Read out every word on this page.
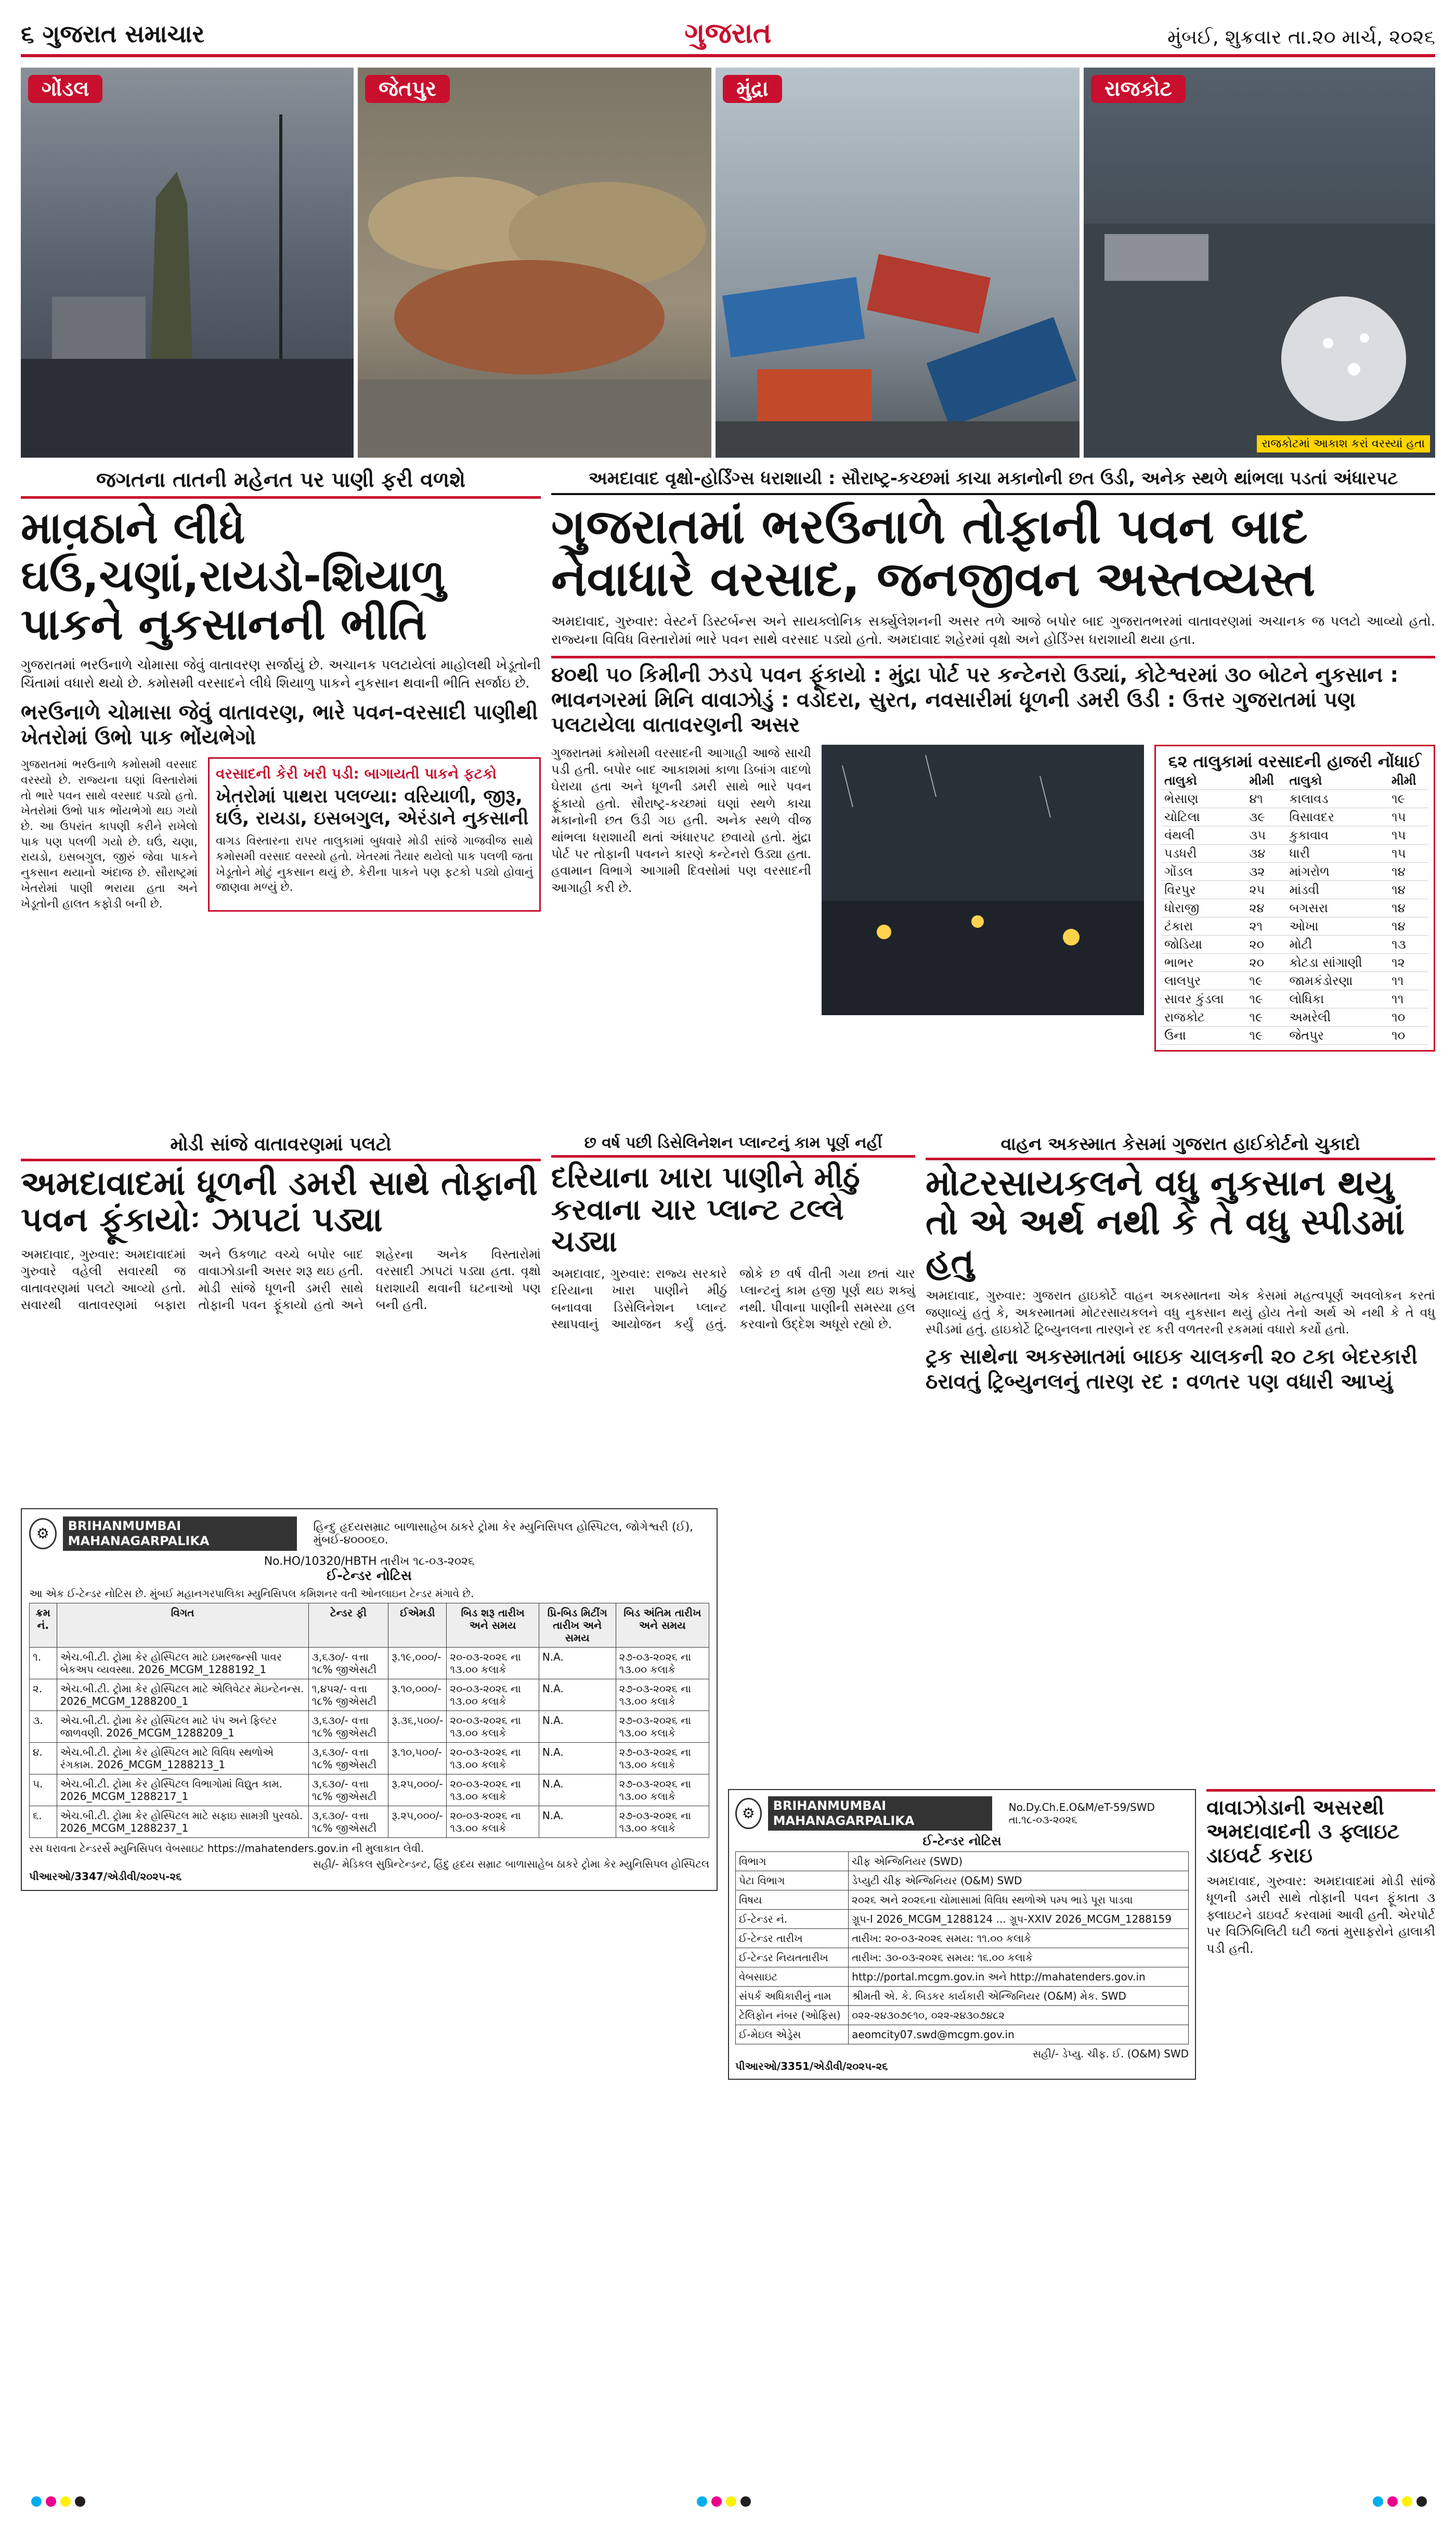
૬ ગુજરાત સમાચાર	ગુજરાત	મુંબઈ, શુક્રવાર તા.૨૦ માર્ચ, ૨૦૨૬
ગોંડલ	જેતપુર	મુંદ્રા	રાજકોટ
રાજકોટમાં આકાશ કરાં વરસ્યાં હતા
જગતના તાતની મહેનત પર પાણી ફરી વળશે
માવઠાને લીધે ઘઉં,ચણાં,રાયડો-શિયાળુ પાકને નુકસાનની ભીતિ
ગુજરાતમાં ભરઉનાળે ચોમાસા જેવું વાતાવરણ સર્જાયું છે. અચાનક પલટાયેલાં માહોલથી ખેડૂતોની ચિંતામાં વધારો થયો છે. કમોસમી વરસાદને લીધે શિયાળુ પાકને નુકસાન થવાની ભીતિ સર્જાઇ છે.
ભરઉનાળે ચોમાસા જેવું વાતાવરણ, ભારે પવન-વરસાદી પાણીથી ખેતરોમાં ઉભો પાક ભોંયભેગો
ગુજરાતમાં ભરઉનાળે કમોસમી વરસાદ વરસ્યો છે. રાજ્યના ઘણાં વિસ્તારોમાં તો ભારે પવન સાથે વરસાદ પડ્યો હતો. ખેતરોમાં ઉભો પાક ભોંયભેગો થઇ ગયો છે. આ ઉપરાંત કાપણી કરીને રાખેલો પાક પણ પલળી ગયો છે. ઘઉં, ચણા, રાયડો, ઇસબગુલ, જીરું જેવા પાકને નુકસાન થયાનો અંદાજ છે. સૌરાષ્ટ્રમાં ખેતરોમાં પાણી ભરાયા હતા અને ખેડૂતોની હાલત કફોડી બની છે.
વરસાદની કેરી ખરી પડી: બાગાયતી પાકને ફટકો
ખેતરોમાં પાથરા પલળ્યા: વરિયાળી, જીરૂ, ઘઉં, રાયડા, ઇસબગુલ, એરંડાને નુકસાની
વાગડ વિસ્તારના રાપર તાલુકામાં બુધવારે મોડી સાંજે ગાજવીજ સાથે કમોસમી વરસાદ વરસ્યો હતો. ખેતરમાં તૈયાર થયેલો પાક પલળી જતા ખેડૂતોને મોટું નુકસાન થયું છે. કેરીના પાકને પણ ફટકો પડ્યો હોવાનું જાણવા મળ્યું છે.
અમદાવાદ વૃક્ષો-હોર્ડિંગ્સ ધરાશાયી : સૌરાષ્ટ્ર-કચ્છમાં કાચા મકાનોની છત ઉડી, અનેક સ્થળે થાંભલા પડતાં અંધારપટ
ગુજરાતમાં ભરઉનાળે તોફાની પવન બાદ નેવાધારે વરસાદ, જનજીવન અસ્તવ્યસ્ત
અમદાવાદ, ગુરુવાર: વેસ્ટર્ન ડિસ્ટર્બન્સ અને સાયક્લોનિક સર્ક્યુલેશનની અસર તળે આજે બપોર બાદ ગુજરાતભરમાં વાતાવરણમાં અચાનક જ પલટો આવ્યો હતો. રાજ્યના વિવિધ વિસ્તારોમાં ભારે પવન સાથે વરસાદ પડ્યો હતો. અમદાવાદ શહેરમાં વૃક્ષો અને હોર્ડિંગ્સ ધરાશાયી થયા હતા.
૪૦થી ૫૦ કિમીની ઝડપે પવન ફૂંકાયો : મુંદ્રા પોર્ટ પર કન્ટેનરો ઉડ્યાં, કોટેશ્વરમાં ૩૦ બોટને નુકસાન : ભાવનગરમાં મિનિ વાવાઝોડું : વડોદરા, સુરત, નવસારીમાં ધૂળની ડમરી ઉડી : ઉત્તર ગુજરાતમાં પણ પલટાયેલા વાતાવરણની અસર
ગુજરાતમાં કમોસમી વરસાદની આગાહી આજે સાચી પડી હતી. બપોર બાદ આકાશમાં કાળા ડિબાંગ વાદળો ઘેરાયા હતા અને ધૂળની ડમરી સાથે ભારે પવન ફૂંકાયો હતો. સૌરાષ્ટ્ર-કચ્છમાં ઘણાં સ્થળે કાચા મકાનોની છત ઉડી ગઇ હતી. અનેક સ્થળે વીજ થાંભલા ધરાશાયી થતાં અંધારપટ છવાયો હતો. મુંદ્રા પોર્ટ પર તોફાની પવનને કારણે કન્ટેનરો ઉડ્યા હતા. હવામાન વિભાગે આગામી દિવસોમાં પણ વરસાદની આગાહી કરી છે.
૬૨ તાલુકામાં વરસાદની હાજરી નોંધાઈ
તાલુકો	મીમી	તાલુકો	મીમી
ભેસાણ	૪૧	કાલાવડ	૧૯
ચોટિલા	૩૯	વિસાવદર	૧૫
વંથલી	૩૫	કુકાવાવ	૧૫
પડધરી	૩૪	ધારી	૧૫
ગોંડલ	૩૨	માંગરોળ	૧૪
વિરપુર	૨૫	માંડવી	૧૪
ધોરાજી	૨૪	બગસરા	૧૪
ટંકારા	૨૧	ઓખા	૧૪
જોડિયા	૨૦	મોટી	૧૩
ભાભર	૨૦	કોટડા સાંગાણી	૧૨
લાલપુર	૧૯	જામકંડોરણા	૧૧
સાવર કુંડલા	૧૯	લોધિકા	૧૧
રાજકોટ	૧૯	અમરેલી	૧૦
ઉના	૧૯	જેતપુર	૧૦
મોડી સાંજે વાતાવરણમાં પલટો
અમદાવાદમાં ધૂળની ડમરી સાથે તોફાની પવન ફૂંકાયોઃ ઝાપટાં પડ્યા
અમદાવાદ, ગુરુવાર: અમદાવાદમાં ગુરુવારે વહેલી સવારથી જ વાતાવરણમાં પલટો આવ્યો હતો. સવારથી વાતાવરણમાં બફારા અને ઉકળાટ વચ્ચે બપોર બાદ વાવાઝોડાની અસર શરૂ થઇ હતી. મોડી સાંજે ધૂળની ડમરી સાથે તોફાની પવન ફૂંકાયો હતો અને શહેરના અનેક વિસ્તારોમાં વરસાદી ઝાપટાં પડ્યા હતા. વૃક્ષો ધરાશાયી થવાની ઘટનાઓ પણ બની હતી.
છ વર્ષ પછી ડિસેલિનેશન પ્લાન્ટનું કામ પૂર્ણ નહીં
દરિયાના ખારા પાણીને મીઠું કરવાના ચાર પ્લાન્ટ ટલ્લે ચડ્યા
અમદાવાદ, ગુરુવાર: રાજ્ય સરકારે દરિયાના ખારા પાણીને મીઠું બનાવવા ડિસેલિનેશન પ્લાન્ટ સ્થાપવાનું આયોજન કર્યું હતું. જોકે છ વર્ષ વીતી ગયા છતાં ચાર પ્લાન્ટનું કામ હજી પૂર્ણ થઇ શક્યું નથી. પીવાના પાણીની સમસ્યા હલ કરવાનો ઉદ્દેશ અધૂરો રહ્યો છે.
વાહન અકસ્માત કેસમાં ગુજરાત હાઈકોર્ટનો ચુકાદો
મોટરસાયકલને વધુ નુકસાન થયુ તો એ અર્થ નથી કે તે વધુ સ્પીડમાં હતુ
અમદાવાદ, ગુરુવાર: ગુજરાત હાઇકોર્ટે વાહન અકસ્માતના એક કેસમાં મહત્વપૂર્ણ અવલોકન કરતાં જણાવ્યું હતું કે, અકસ્માતમાં મોટરસાયકલને વધુ નુકસાન થયું હોય તેનો અર્થ એ નથી કે તે વધુ સ્પીડમાં હતું. હાઇકોર્ટે ટ્રિબ્યુનલના તારણને રદ કરી વળતરની રકમમાં વધારો કર્યો હતો.
ટ્રક સાથેના અકસ્માતમાં બાઇક ચાલકની ૨૦ ટકા બેદરકારી ઠરાવતું ટ્રિબ્યુનલનું તારણ રદ : વળતર પણ વધારી આપ્યું
⚙	BRIHANMUMBAI MAHANAGARPALIKA
હિન્દુ હૃદયસમ્રાટ બાળાસાહેબ ઠાકરે ટ્રોમા કેર મ્યુનિસિપલ હોસ્પિટલ, જોગેશ્વરી (ઈ), મુંબઈ-૪૦૦૦૬૦.
No.HO/10320/HBTH તારીખ ૧૮-૦૩-૨૦૨૬
ઈ-ટેન્ડર નોટિસ
આ એક ઈ-ટેન્ડર નોટિસ છે. મુંબઈ મહાનગરપાલિકા મ્યુનિસિપલ કમિશનર વતી ઓનલાઇન ટેન્ડર મંગાવે છે.
ક્રમ નં.	વિગત	ટેન્ડર ફી	ઈએમડી	બિડ શરૂ તારીખ અને સમય	પ્રિ-બિડ મિટીંગ તારીખ અને સમય	બિડ અંતિમ તારીખ અને સમય
૧.	એચ.બી.ટી. ટ્રોમા કેર હોસ્પિટલ માટે ઇમરજન્સી પાવર બેકઅપ વ્યવસ્થા. 2026_MCGM_1288192_1	૩,૬૩૦/- વત્તા ૧૮% જીએસટી	રૂ.૧૯,૦૦૦/-	૨૦-૦૩-૨૦૨૬ ના ૧૩.૦૦ કલાકે	N.A.	૨૭-૦૩-૨૦૨૬ ના ૧૩.૦૦ કલાકે
૨.	એચ.બી.ટી. ટ્રોમા કેર હોસ્પિટલ માટે એલિવેટર મેઇન્ટેનન્સ. 2026_MCGM_1288200_1	૧,૪૫૨/- વત્તા ૧૮% જીએસટી	રૂ.૧૦,૦૦૦/-	૨૦-૦૩-૨૦૨૬ ના ૧૩.૦૦ કલાકે	N.A.	૨૭-૦૩-૨૦૨૬ ના ૧૩.૦૦ કલાકે
૩.	એચ.બી.ટી. ટ્રોમા કેર હોસ્પિટલ માટે પંપ અને ફિલ્ટર જાળવણી. 2026_MCGM_1288209_1	૩,૬૩૦/- વત્તા ૧૮% જીએસટી	રૂ.૩૬,૫૦૦/-	૨૦-૦૩-૨૦૨૬ ના ૧૩.૦૦ કલાકે	N.A.	૨૭-૦૩-૨૦૨૬ ના ૧૩.૦૦ કલાકે
૪.	એચ.બી.ટી. ટ્રોમા કેર હોસ્પિટલ માટે વિવિધ સ્થળોએ રંગકામ. 2026_MCGM_1288213_1	૩,૬૩૦/- વત્તા ૧૮% જીએસટી	રૂ.૧૦,૫૦૦/-	૨૦-૦૩-૨૦૨૬ ના ૧૩.૦૦ કલાકે	N.A.	૨૭-૦૩-૨૦૨૬ ના ૧૩.૦૦ કલાકે
૫.	એચ.બી.ટી. ટ્રોમા કેર હોસ્પિટલ વિભાગોમાં વિદ્યુત કામ. 2026_MCGM_1288217_1	૩,૬૩૦/- વત્તા ૧૮% જીએસટી	રૂ.૨૫,૦૦૦/-	૨૦-૦૩-૨૦૨૬ ના ૧૩.૦૦ કલાકે	N.A.	૨૭-૦૩-૨૦૨૬ ના ૧૩.૦૦ કલાકે
૬.	એચ.બી.ટી. ટ્રોમા કેર હોસ્પિટલ માટે સફાઇ સામગ્રી પુરવઠો. 2026_MCGM_1288237_1	૩,૬૩૦/- વત્તા ૧૮% જીએસટી	રૂ.૨૫,૦૦૦/-	૨૦-૦૩-૨૦૨૬ ના ૧૩.૦૦ કલાકે	N.A.	૨૭-૦૩-૨૦૨૬ ના ૧૩.૦૦ કલાકે
રસ ધરાવતા ટેન્ડરર્સે મ્યુનિસિપલ વેબસાઇટ https://mahatenders.gov.in ની મુલાકાત લેવી.
સહી/- મેડિકલ સુપ્રિન્ટેન્ડન્ટ, હિંદુ હૃદય સમ્રાટ બાળાસાહેબ ઠાકરે ટ્રોમા કેર મ્યુનિસિપલ હોસ્પિટલ
પીઆરઓ/3347/એડીવી/૨૦૨૫-૨૬
⚙	BRIHANMUMBAI MAHANAGARPALIKA
No.Dy.Ch.E.O&M/eT-59/SWD તા.૧૮-૦૩-૨૦૨૬
ઈ-ટેન્ડર નોટિસ
વિભાગ	ચીફ એન્જિનિયર (SWD)
પેટા વિભાગ	ડેપ્યુટી ચીફ એન્જિનિયર (O&M) SWD
વિષય	૨૦૨૬ અને ૨૦૨૬ના ચોમાસામાં વિવિધ સ્થળોએ પમ્પ ભાડે પૂરા પાડવા
ઈ-ટેન્ડર નં.	ગ્રૂપ-I 2026_MCGM_1288124 ... ગ્રૂપ-XXIV 2026_MCGM_1288159
ઈ-ટેન્ડર તારીખ	તારીખ: ૨૦-૦૩-૨૦૨૬ સમય: ૧૧.૦૦ કલાકે
ઈ-ટેન્ડર નિયતતારીખ	તારીખ: ૩૦-૦૩-૨૦૨૬ સમય: ૧૬.૦૦ કલાકે
વેબસાઇટ	http://portal.mcgm.gov.in અને http://mahatenders.gov.in
સંપર્ક અધિકારીનું નામ	શ્રીમતી એ. કે. બિડકર કાર્યકારી એન્જિનિયર (O&M) મેક. SWD
ટેલિફોન નંબર (ઓફિસ)	૦૨૨-૨૪૩૦૭૯૧૦, ૦૨૨-૨૪૩૦૭૪૮૨
ઈ-મેઇલ એડ્રેસ	aeomcity07.swd@mcgm.gov.in
સહી/- ડેપ્યુ. ચીફ. ઈ. (O&M) SWD
પીઆરઓ/3351/એડીવી/૨૦૨૫-૨૬
વાવાઝોડાની અસરથી અમદાવાદની ૩ ફ્લાઇટ ડાઇવર્ટ કરાઇ
અમદાવાદ, ગુરુવાર: અમદાવાદમાં મોડી સાંજે ધૂળની ડમરી સાથે તોફાની પવન ફૂંકાતા ૩ ફ્લાઇટને ડાઇવર્ટ કરવામાં આવી હતી. એરપોર્ટ પર વિઝિબિલિટી ઘટી જતાં મુસાફરોને હાલાકી પડી હતી.
